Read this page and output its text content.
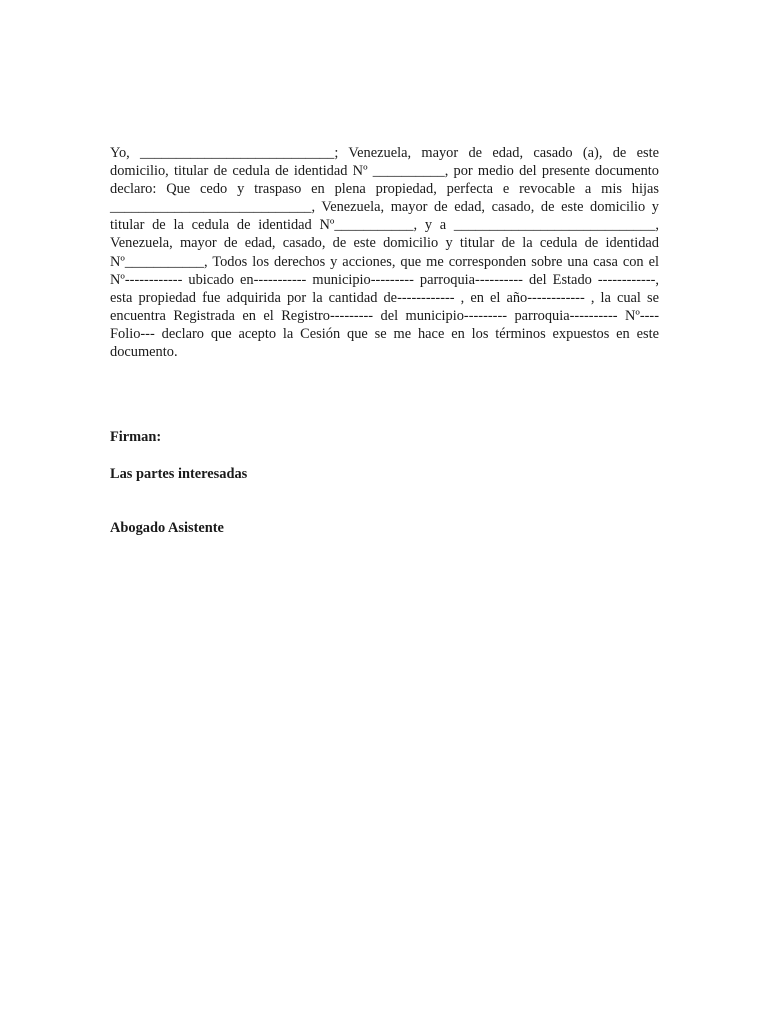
Yo, ___________________________; Venezuela, mayor de edad, casado (a), de este domicilio, titular de cedula de identidad Nº __________, por medio del presente documento declaro: Que cedo y traspaso en plena propiedad, perfecta e revocable a mis hijas ____________________________, Venezuela, mayor de edad, casado, de este domicilio y titular de la cedula de identidad Nº___________, y a ____________________________, Venezuela, mayor de edad, casado, de este domicilio y titular de la cedula de identidad Nº___________, Todos los derechos y acciones, que me corresponden sobre una casa con el Nº------------ ubicado en----------- municipio--------- parroquia---------- del Estado ------------, esta propiedad fue adquirida por la cantidad de------------ , en el año------------ , la cual se encuentra Registrada en el Registro--------- del municipio--------- parroquia---------- Nº---- Folio--- declaro que acepto la Cesión que se me hace en los términos expuestos en este documento.

Firman:

Las partes interesadas

Abogado Asistente
